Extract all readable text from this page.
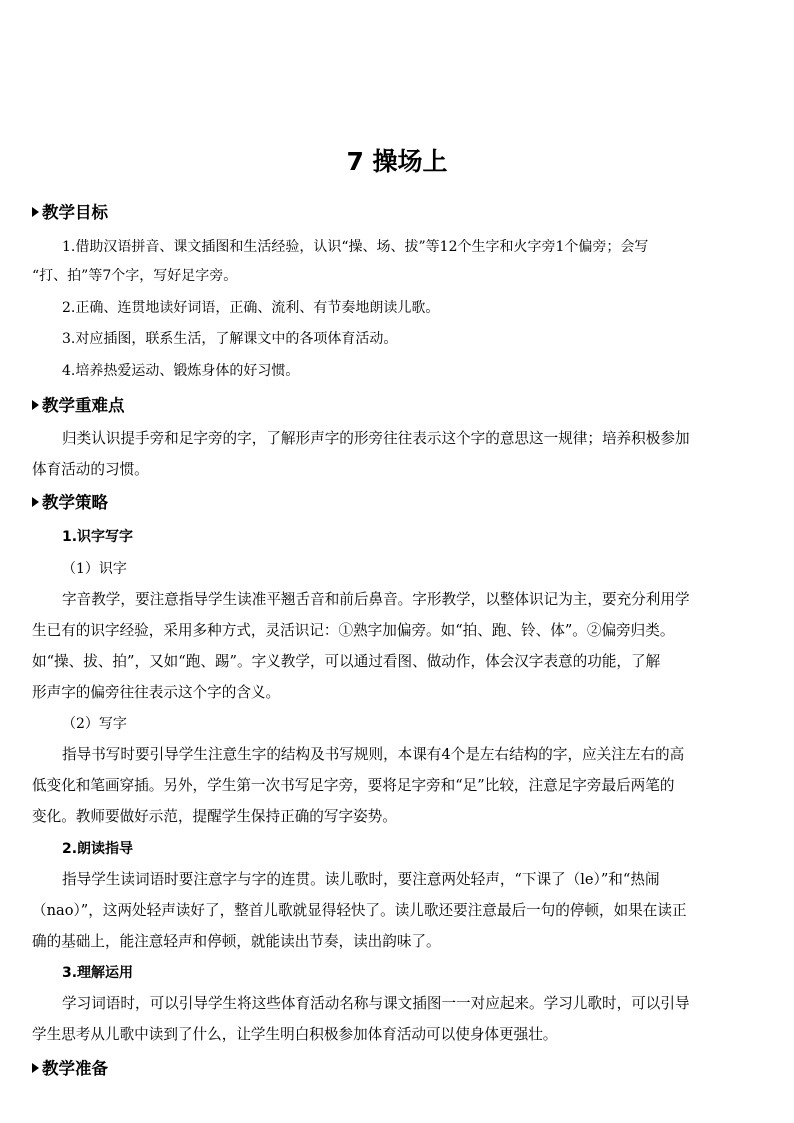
7 操场上
教学目标
1.借助汉语拼音、课文插图和生活经验，认识“操、场、拔”等12个生字和火字旁1个偏旁；会写
“打、拍”等7个字，写好足字旁。
2.正确、连贯地读好词语，正确、流利、有节奏地朗读儿歌。
3.对应插图，联系生活，了解课文中的各项体育活动。
4.培养热爱运动、锻炼身体的好习惯。
教学重难点
归类认识提手旁和足字旁的字，了解形声字的形旁往往表示这个字的意思这一规律；培养积极参加
体育活动的习惯。
教学策略
1.识字写字
（1）识字
字音教学，要注意指导学生读准平翘舌音和前后鼻音。字形教学，以整体识记为主，要充分利用学
生已有的识字经验，采用多种方式，灵活识记：①熟字加偏旁。如“拍、跑、铃、体”。②偏旁归类。
如“操、拔、拍”，又如“跑、踢”。字义教学，可以通过看图、做动作，体会汉字表意的功能，了解
形声字的偏旁往往表示这个字的含义。
（2）写字
指导书写时要引导学生注意生字的结构及书写规则，本课有4个是左右结构的字，应关注左右的高
低变化和笔画穿插。另外，学生第一次书写足字旁，要将足字旁和“足”比较，注意足字旁最后两笔的
变化。教师要做好示范，提醒学生保持正确的写字姿势。
2.朗读指导
指导学生读词语时要注意字与字的连贯。读儿歌时，要注意两处轻声，“下课了（le）”和“热闹
（nao）”，这两处轻声读好了，整首儿歌就显得轻快了。读儿歌还要注意最后一句的停顿，如果在读正
确的基础上，能注意轻声和停顿，就能读出节奏，读出韵味了。
3.理解运用
学习词语时，可以引导学生将这些体育活动名称与课文插图一一对应起来。学习儿歌时，可以引导
学生思考从儿歌中读到了什么，让学生明白积极参加体育活动可以使身体更强壮。
教学准备
